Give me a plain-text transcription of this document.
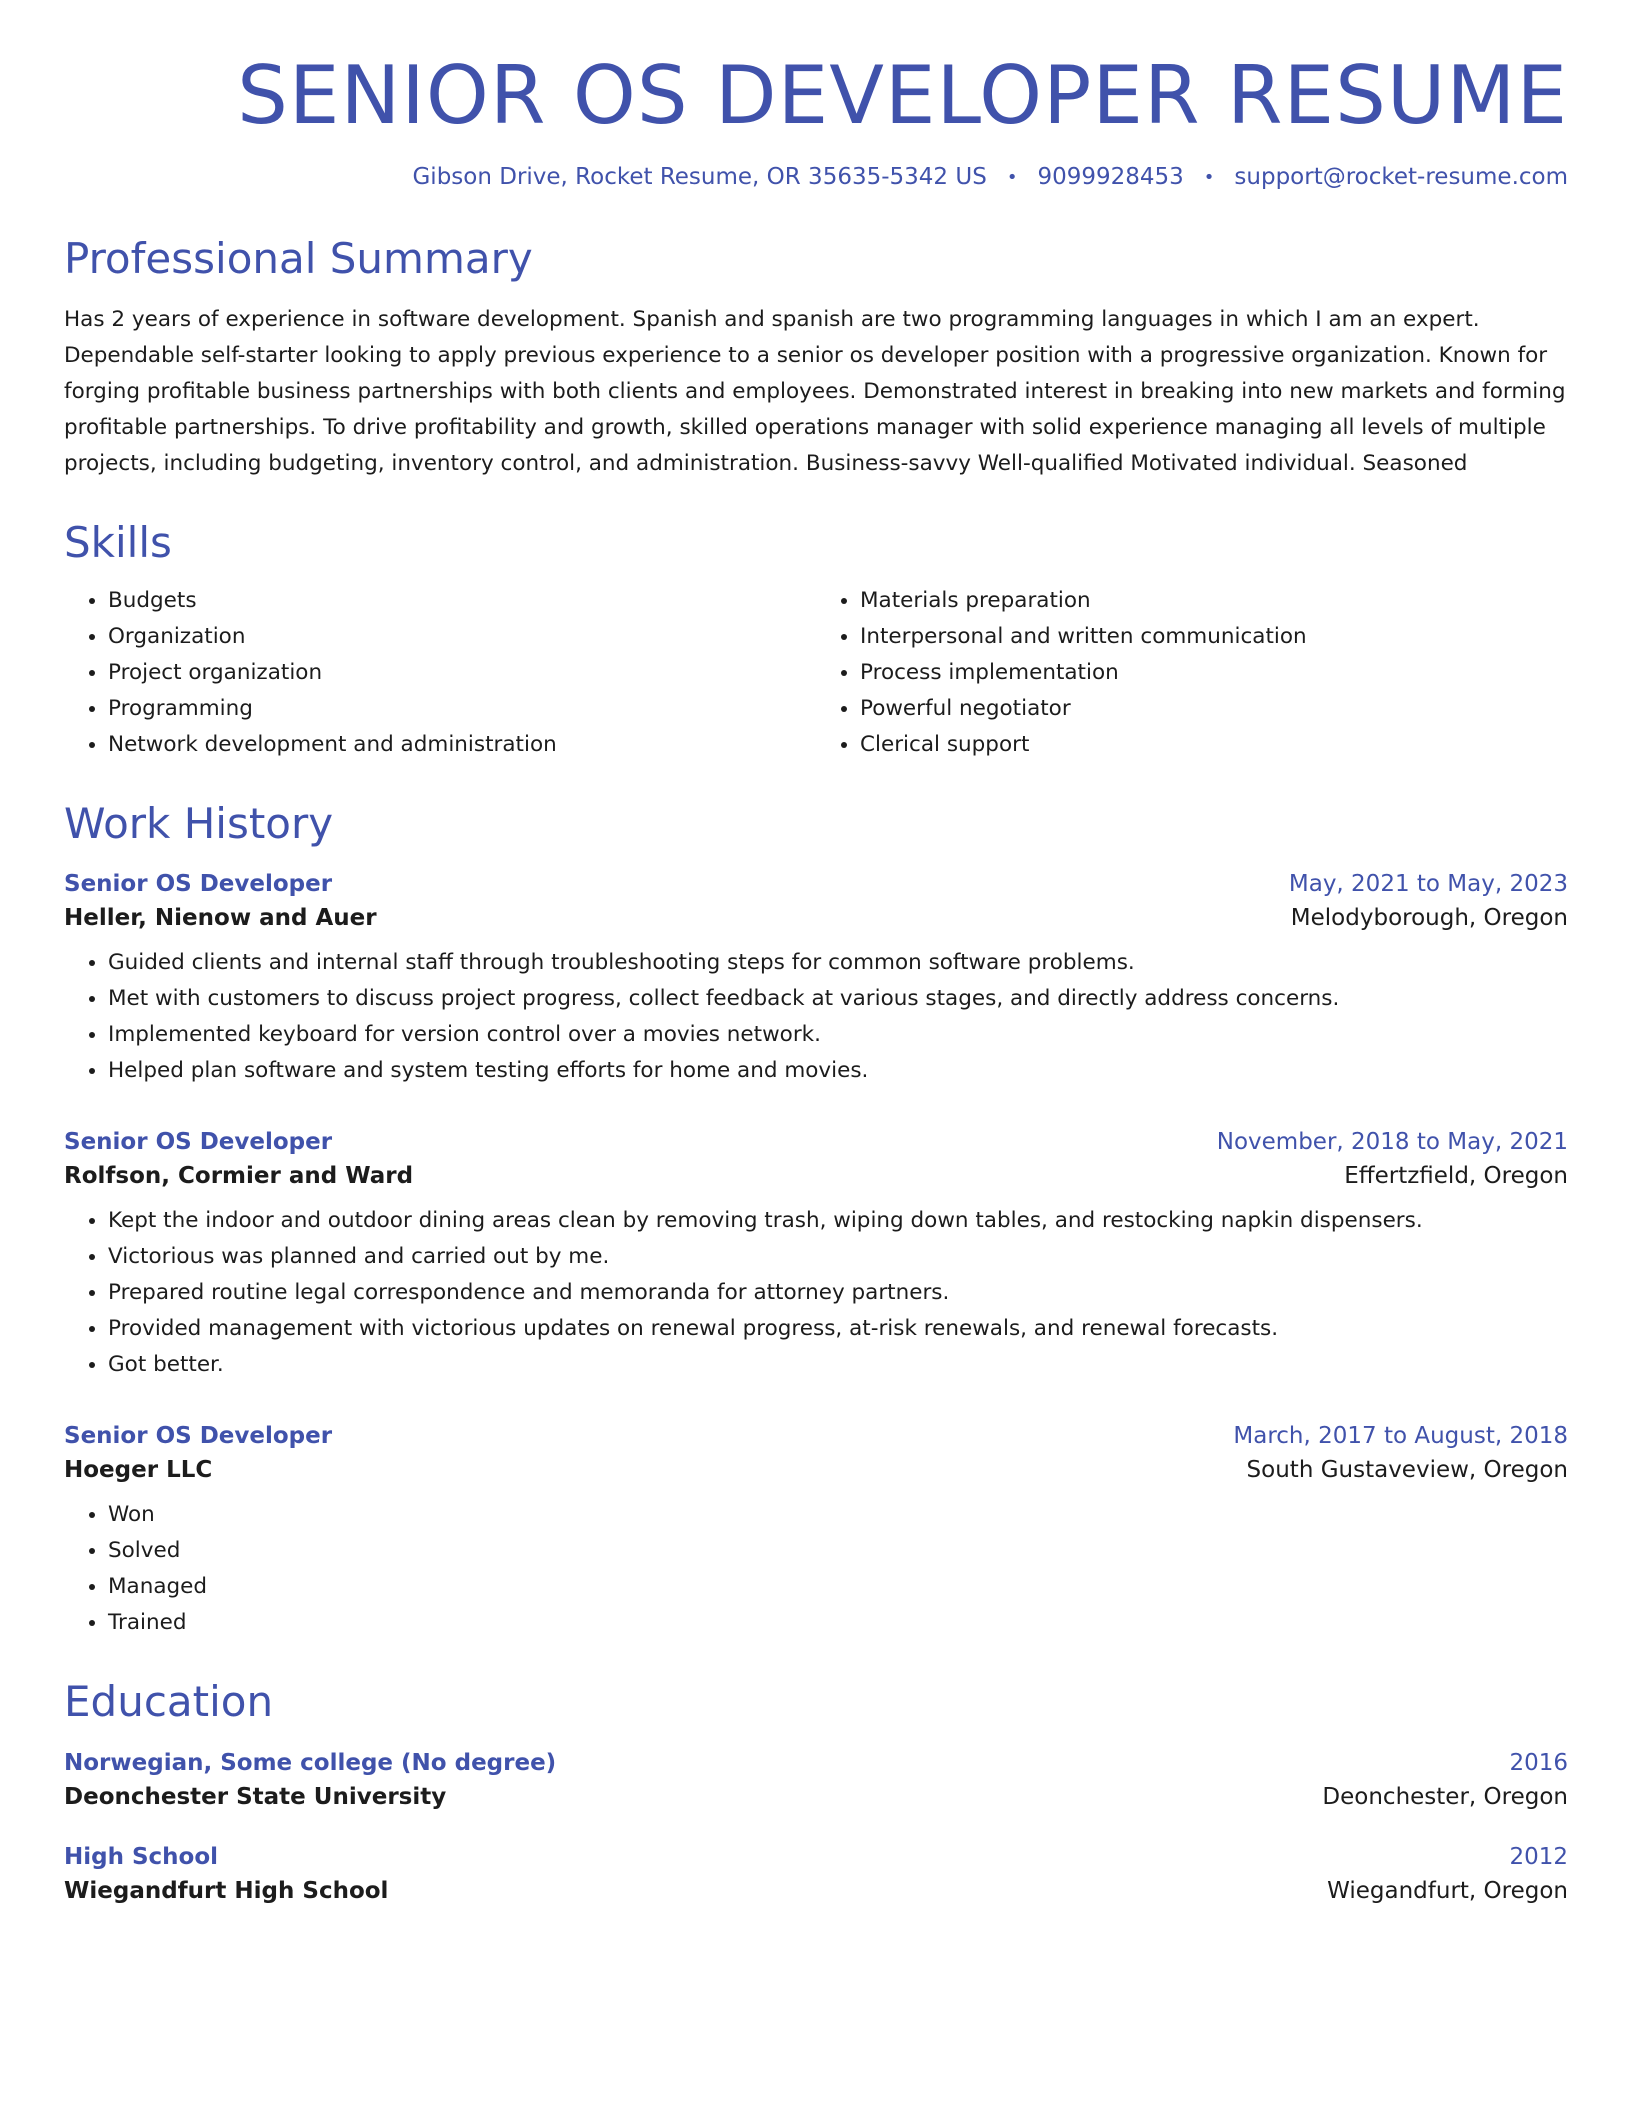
SENIOR OS DEVELOPER RESUME
Gibson Drive, Rocket Resume, OR 35635-5342 US • 9099928453 • support@rocket-resume.com
Professional Summary
Has 2 years of experience in software development. Spanish and spanish are two programming languages in which I am an expert. Dependable self-starter looking to apply previous experience to a senior os developer position with a progressive organization. Known for forging profitable business partnerships with both clients and employees. Demonstrated interest in breaking into new markets and forming profitable partnerships. To drive profitability and growth, skilled operations manager with solid experience managing all levels of multiple projects, including budgeting, inventory control, and administration. Business-savvy Well-qualified Motivated individual. Seasoned
Skills
• Budgets
• Organization
• Project organization
• Programming
• Network development and administration
• Materials preparation
• Interpersonal and written communication
• Process implementation
• Powerful negotiator
• Clerical support
Work History
Senior OS Developer	May, 2021 to May, 2023
Heller, Nienow and Auer	Melodyborough, Oregon
• Guided clients and internal staff through troubleshooting steps for common software problems.
• Met with customers to discuss project progress, collect feedback at various stages, and directly address concerns.
• Implemented keyboard for version control over a movies network.
• Helped plan software and system testing efforts for home and movies.
Senior OS Developer	November, 2018 to May, 2021
Rolfson, Cormier and Ward	Effertzfield, Oregon
• Kept the indoor and outdoor dining areas clean by removing trash, wiping down tables, and restocking napkin dispensers.
• Victorious was planned and carried out by me.
• Prepared routine legal correspondence and memoranda for attorney partners.
• Provided management with victorious updates on renewal progress, at-risk renewals, and renewal forecasts.
• Got better.
Senior OS Developer	March, 2017 to August, 2018
Hoeger LLC	South Gustaveview, Oregon
• Won
• Solved
• Managed
• Trained
Education
Norwegian, Some college (No degree)	2016
Deonchester State University	Deonchester, Oregon
High School	2012
Wiegandfurt High School	Wiegandfurt, Oregon
